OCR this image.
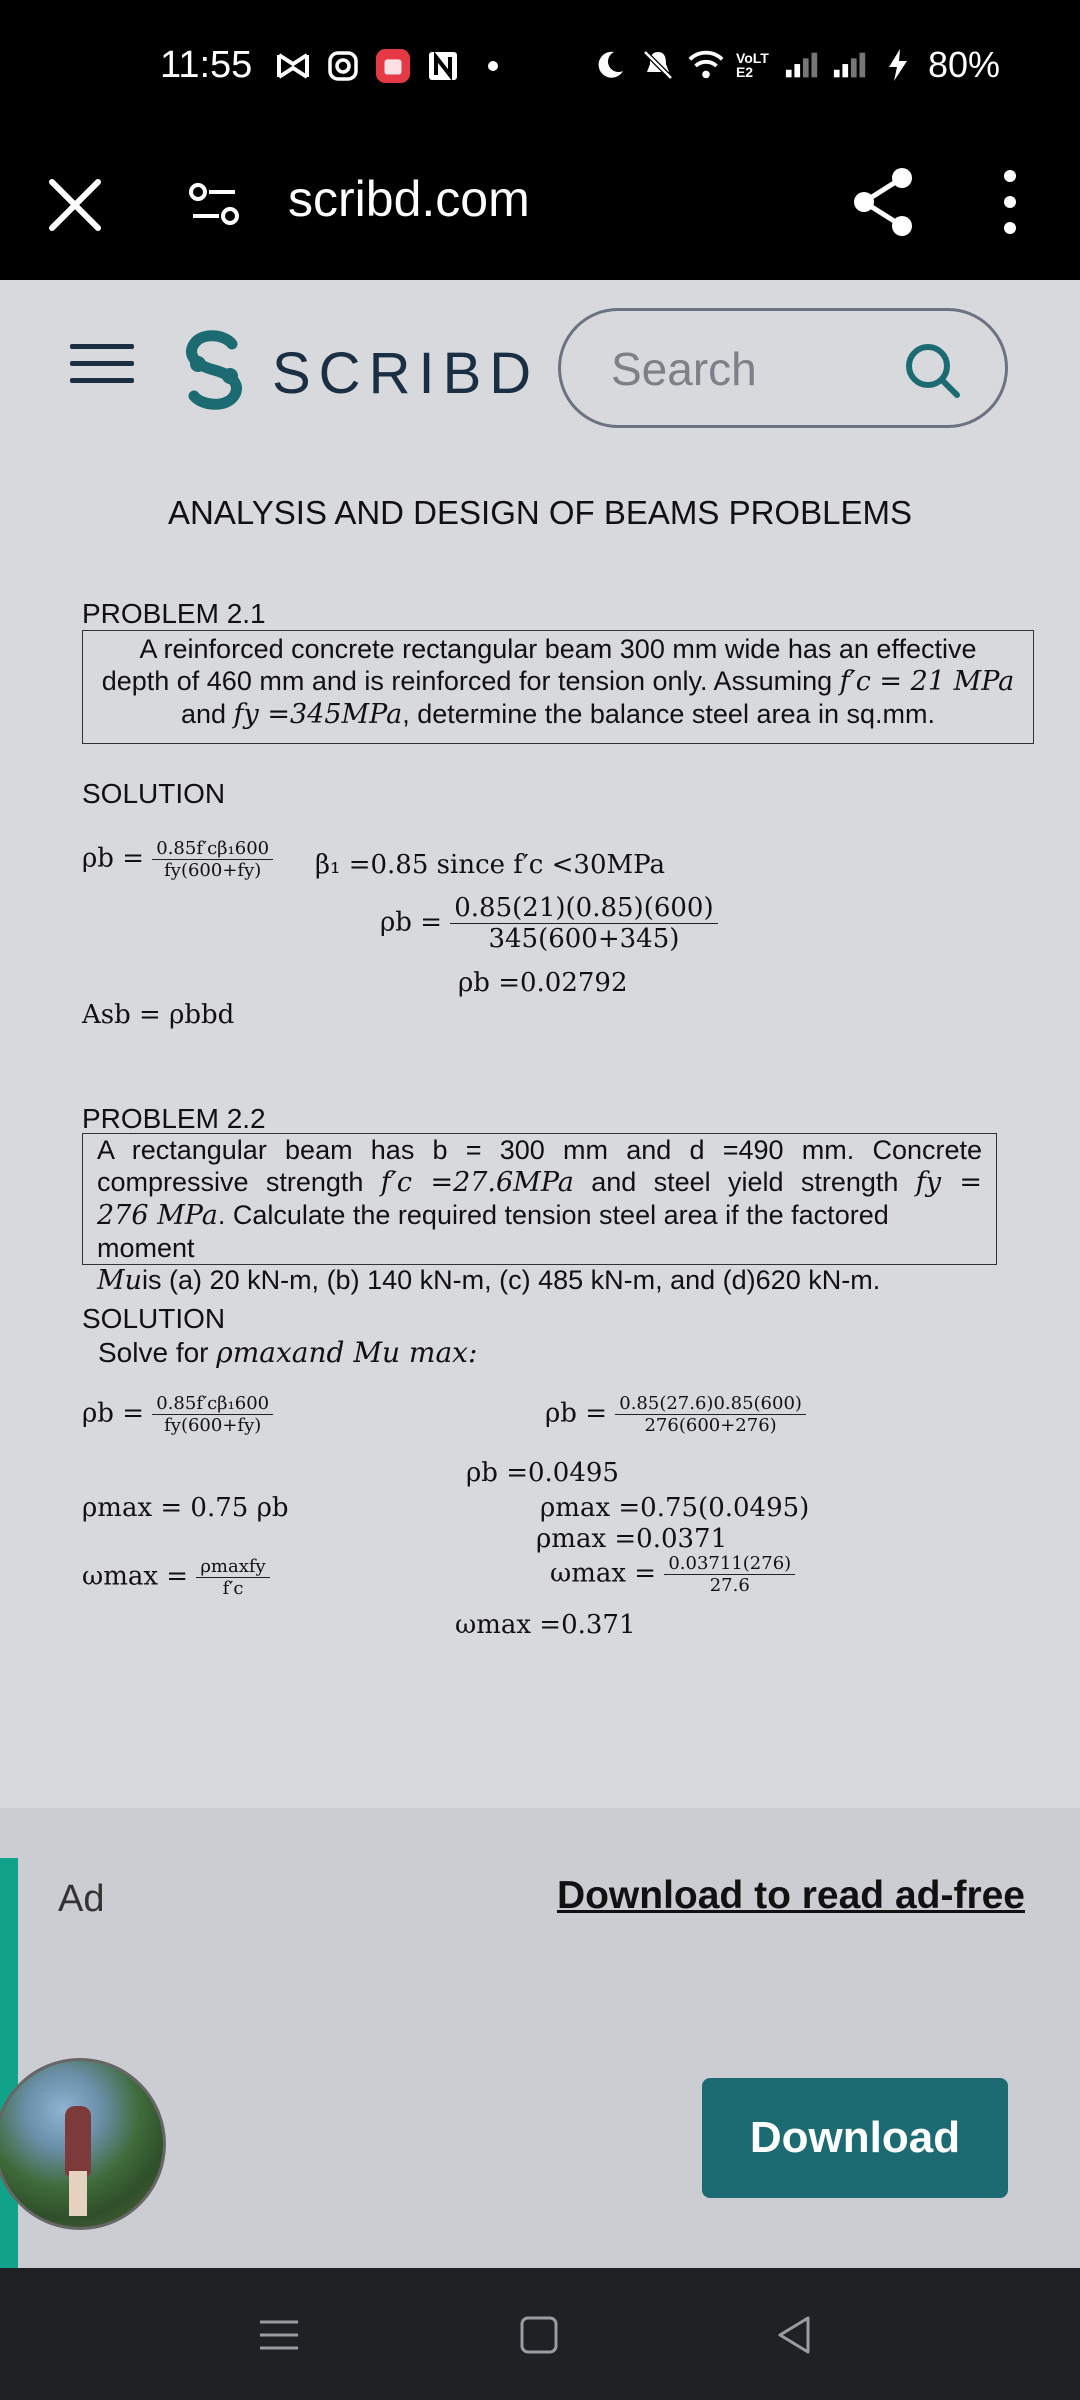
11:55	VoLTE2	80%
scribd.com
SCRIBD
Search
ANALYSIS AND DESIGN OF BEAMS PROBLEMS
PROBLEM 2.1
A reinforced concrete rectangular beam 300 mm wide has an effective
depth of 460 mm and is reinforced for tension only. Assuming f′c = 21 MPa
and fy =345MPa, determine the balance steel area in sq.mm.
SOLUTION
$\rho b = \frac{\text{0.85f′cβ₁600}}{fy(600+fy)} \beta_1 =0.85$ since f′c <30MPa
$\rho b = \frac{0.85(21)(0.85)(600)}{345(600+345)}$
ρb =0.02792
Asb = ρbbd
PROBLEM 2.2
A rectangular beam has b = 300 mm and d =490 mm. Concrete
compressive strength f′c =27.6MPa and steel yield strength fy =
276 MPa. Calculate the required tension steel area if the factored moment
Muis (a) 20 kN-m, (b) 140 kN-m, (c) 485 kN-m, and (d)620 kN-m.
SOLUTION
Solve for ρmaxand Mu max:
$\rho b = \frac{\text{0.85f′cβ₁600}}{fy(600+fy)}$	$\rho b = \frac{0.85(27.6)0.85(600)}{276(600+276)}$
ρb =0.0495
ρmax = 0.75 ρb	ρmax =0.75(0.0495)
ρmax =0.0371
$\omega\max = \frac{\text{ρmaxfy}}{f'c}$	$\omega\max = \frac{0.03711(276)}{27.6}$
ωmax =0.371
Ad	Download to read ad-free
Download
